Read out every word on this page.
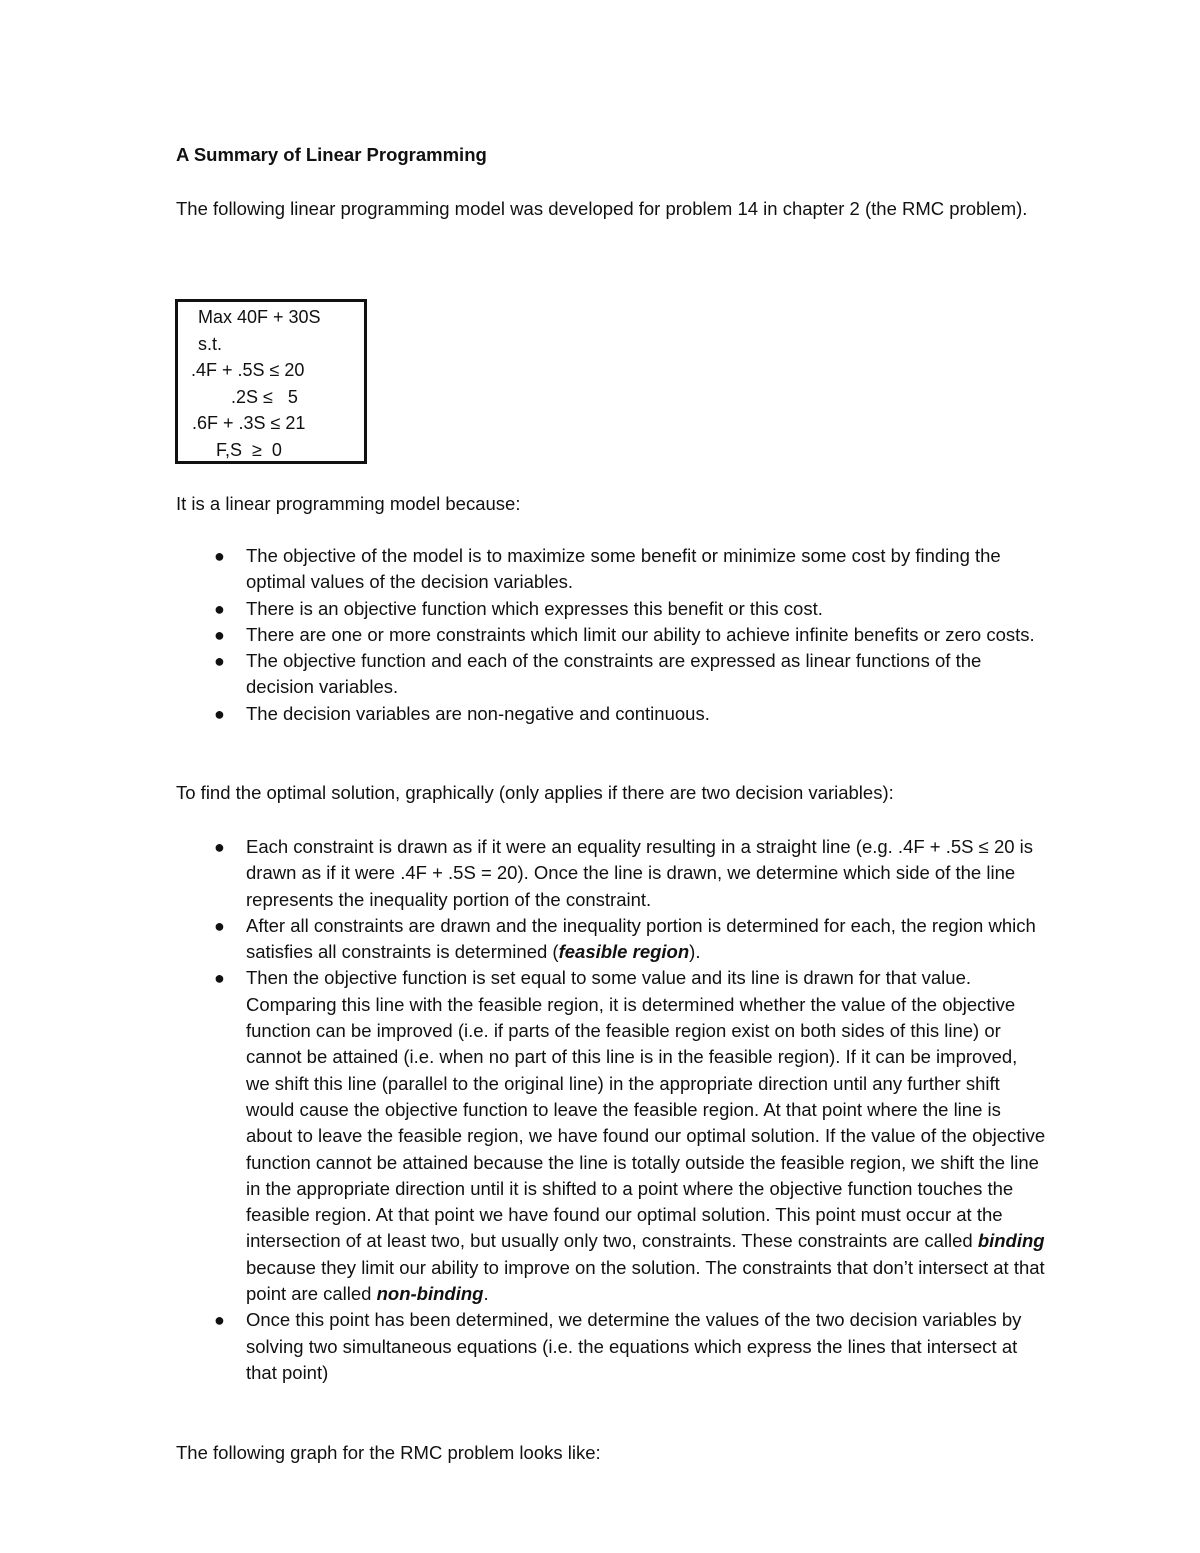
A Summary of Linear Programming

The following linear programming model was developed for problem 14 in chapter 2 (the RMC problem).

Max 40F + 30S
s.t.
.4F + .5S ≤ 20
.2S ≤   5
.6F + .3S ≤ 21
F,S  ≥  0

It is a linear programming model because:

● The objective of the model is to maximize some benefit or minimize some cost by finding the optimal values of the decision variables.
● There is an objective function which expresses this benefit or this cost.
● There are one or more constraints which limit our ability to achieve infinite benefits or zero costs.
● The objective function and each of the constraints are expressed as linear functions of the decision variables.
● The decision variables are non-negative and continuous.

To find the optimal solution, graphically (only applies if there are two decision variables):

● Each constraint is drawn as if it were an equality resulting in a straight line (e.g. .4F + .5S ≤ 20 is drawn as if it were .4F + .5S = 20). Once the line is drawn, we determine which side of the line represents the inequality portion of the constraint.
● After all constraints are drawn and the inequality portion is determined for each, the region which satisfies all constraints is determined (feasible region).
● Then the objective function is set equal to some value and its line is drawn for that value. Comparing this line with the feasible region, it is determined whether the value of the objective function can be improved (i.e. if parts of the feasible region exist on both sides of this line) or cannot be attained (i.e. when no part of this line is in the feasible region). If it can be improved, we shift this line (parallel to the original line) in the appropriate direction until any further shift would cause the objective function to leave the feasible region. At that point where the line is about to leave the feasible region, we have found our optimal solution. If the value of the objective function cannot be attained because the line is totally outside the feasible region, we shift the line in the appropriate direction until it is shifted to a point where the objective function touches the feasible region. At that point we have found our optimal solution. This point must occur at the intersection of at least two, but usually only two, constraints. These constraints are called binding because they limit our ability to improve on the solution. The constraints that don’t intersect at that point are called non-binding.
● Once this point has been determined, we determine the values of the two decision variables by solving two simultaneous equations (i.e. the equations which express the lines that intersect at that point)

The following graph for the RMC problem looks like:
